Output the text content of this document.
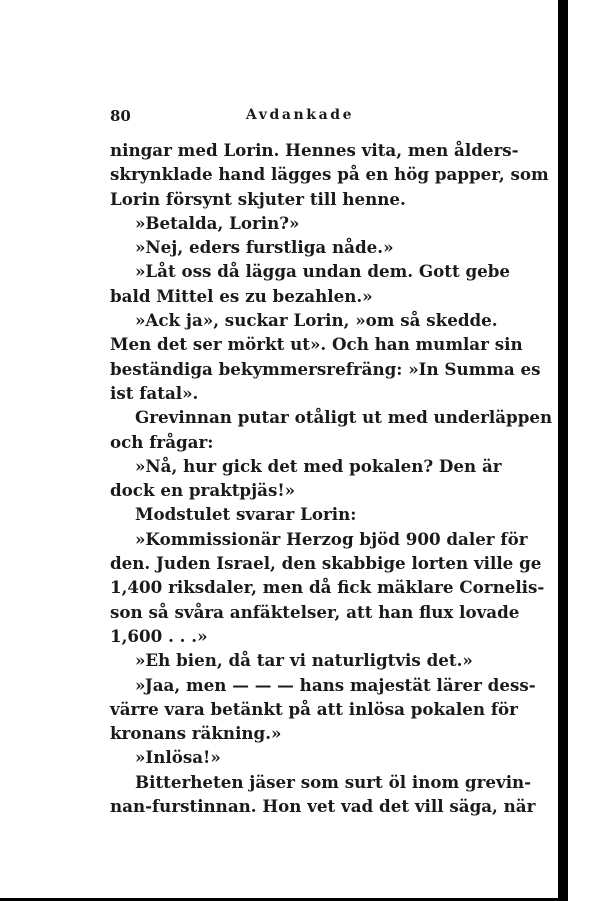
80	Avdankade
ningar med Lorin. Hennes vita, men ålders-
skrynklade hand lägges på en hög papper, som
Lorin försynt skjuter till henne.
»Betalda, Lorin?»
»Nej, eders furstliga nåde.»
»Låt oss då lägga undan dem. Gott gebe
bald Mittel es zu bezahlen.»
»Ack ja», suckar Lorin, »om så skedde.
Men det ser mörkt ut». Och han mumlar sin
beständiga bekymmersrefräng: »In Summa es
ist fatal».
Grevinnan putar otåligt ut med underläppen
och frågar:
»Nå, hur gick det med pokalen? Den är
dock en praktpjäs!»
Modstulet svarar Lorin:
»Kommissionär Herzog bjöd 900 daler för
den. Juden Israel, den skabbige lorten ville ge
1,400 riksdaler, men då fick mäklare Cornelis-
son så svåra anfäktelser, att han flux lovade
1,600 . . .»
»Eh bien, då tar vi naturligtvis det.»
»Jaa, men — — — hans majestät lärer dess-
värre vara betänkt på att inlösa pokalen för
kronans räkning.»
»Inlösa!»
Bitterheten jäser som surt öl inom grevin-
nan-furstinnan. Hon vet vad det vill säga, när
